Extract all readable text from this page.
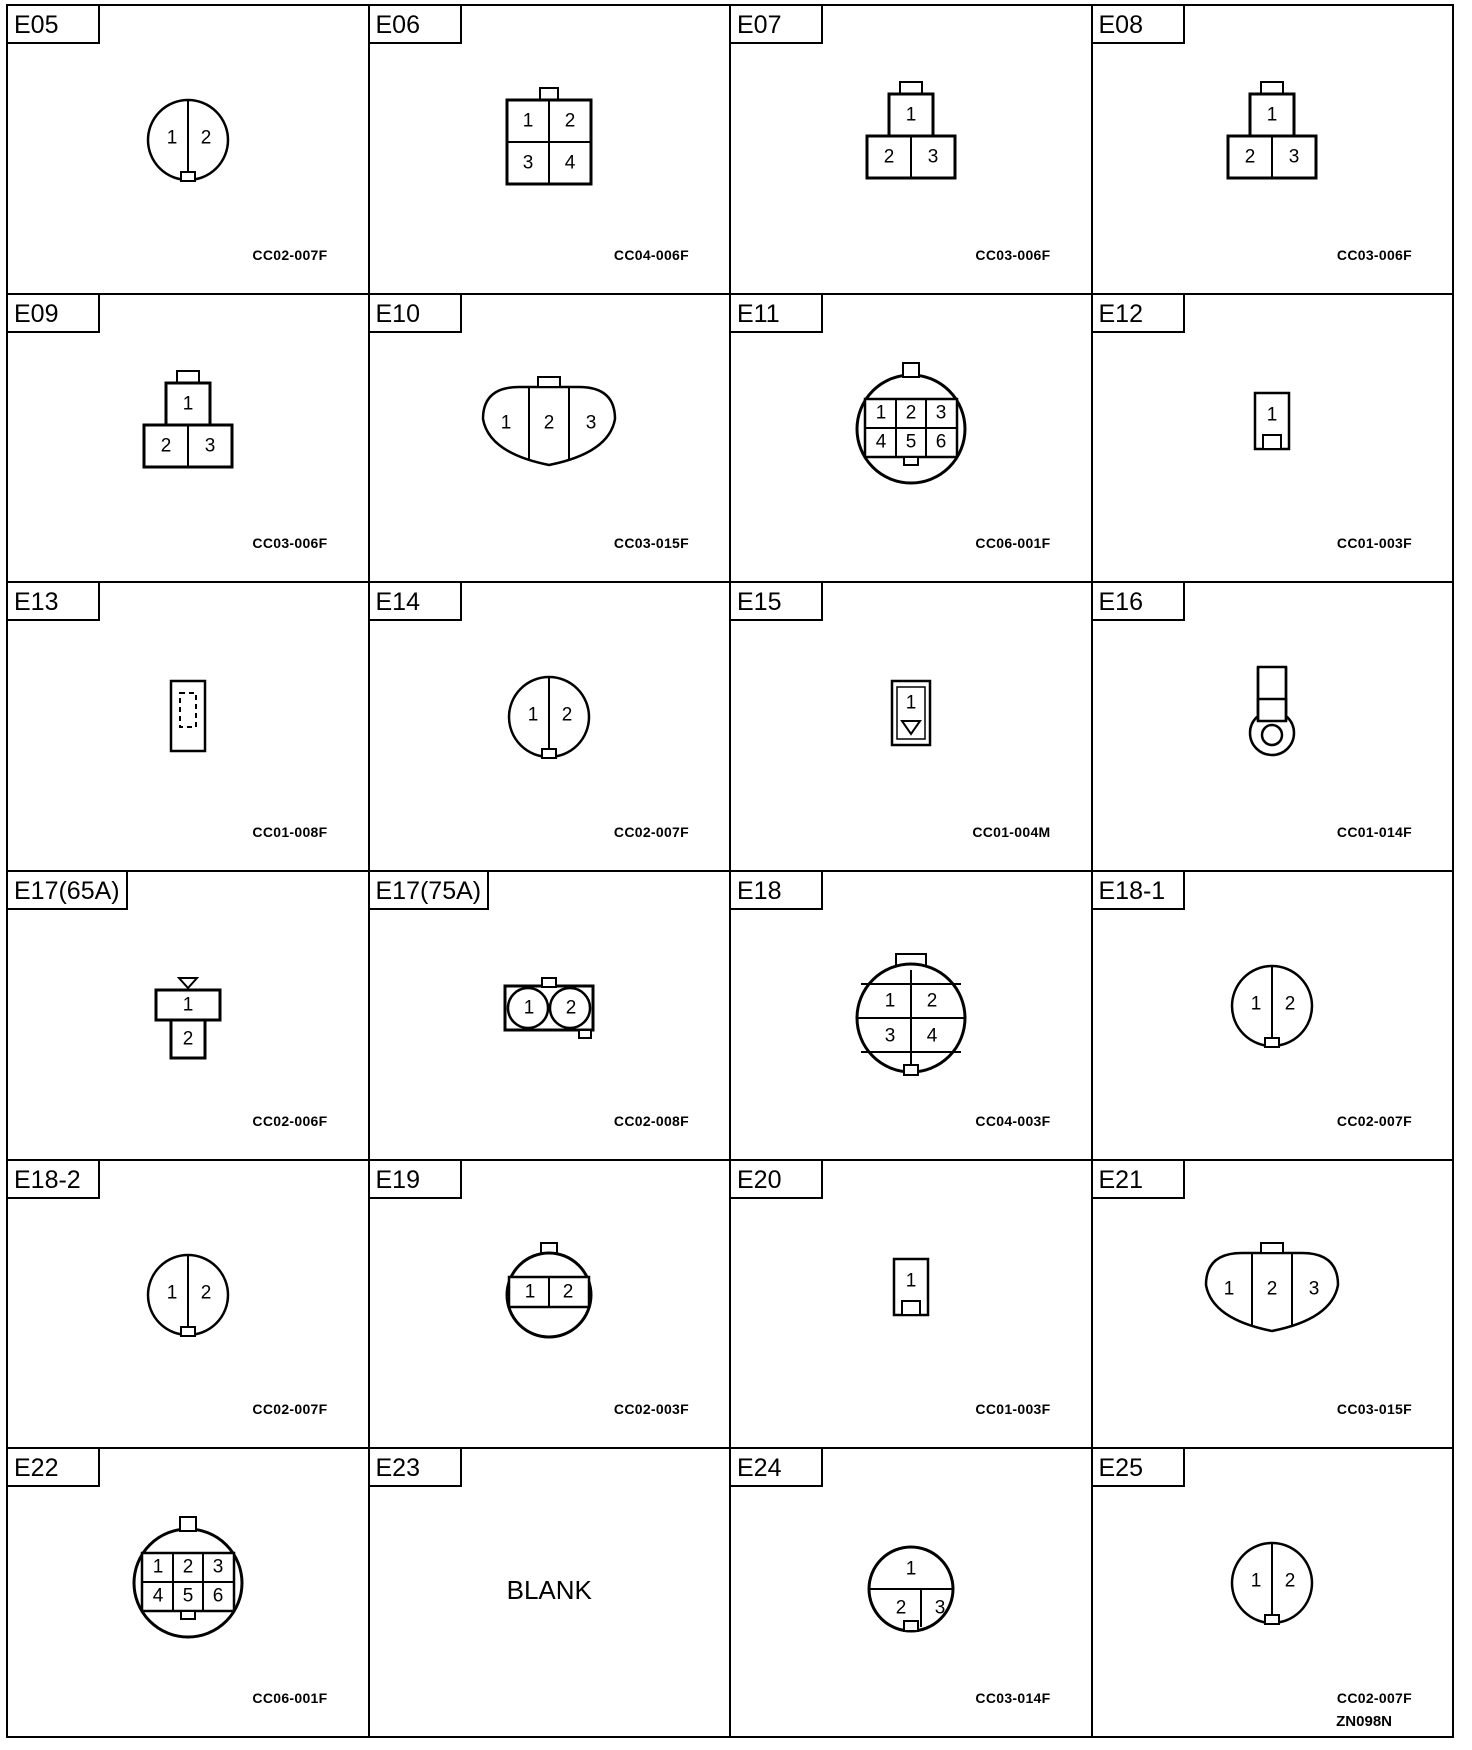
E05
1 2
CC02-007F
E06
1 2
3 4
CC04-006F
E07
1
2 3
CC03-006F
E08
1
2 3
CC03-006F
E09
1
2 3
CC03-006F
E10
1 2 3
CC03-015F
E11
1 2 3
4 5 6
CC06-001F
E12
1
CC01-003F
E13
CC01-008F
E14
1 2
CC02-007F
E15
1
CC01-004M
E16
CC01-014F
E17(65A)
1
2
CC02-006F
E17(75A)
1 2
CC02-008F
E18
1 2
3 4
CC04-003F
E18-1
1 2
CC02-007F
E18-2
1 2
CC02-007F
E19
1 2
CC02-003F
E20
1
CC01-003F
E21
1 2 3
CC03-015F
E22
1 2 3
4 5 6
CC06-001F
E23
BLANK
E24
1
2 3
CC03-014F
E25
1 2
CC02-007F
ZN098N
